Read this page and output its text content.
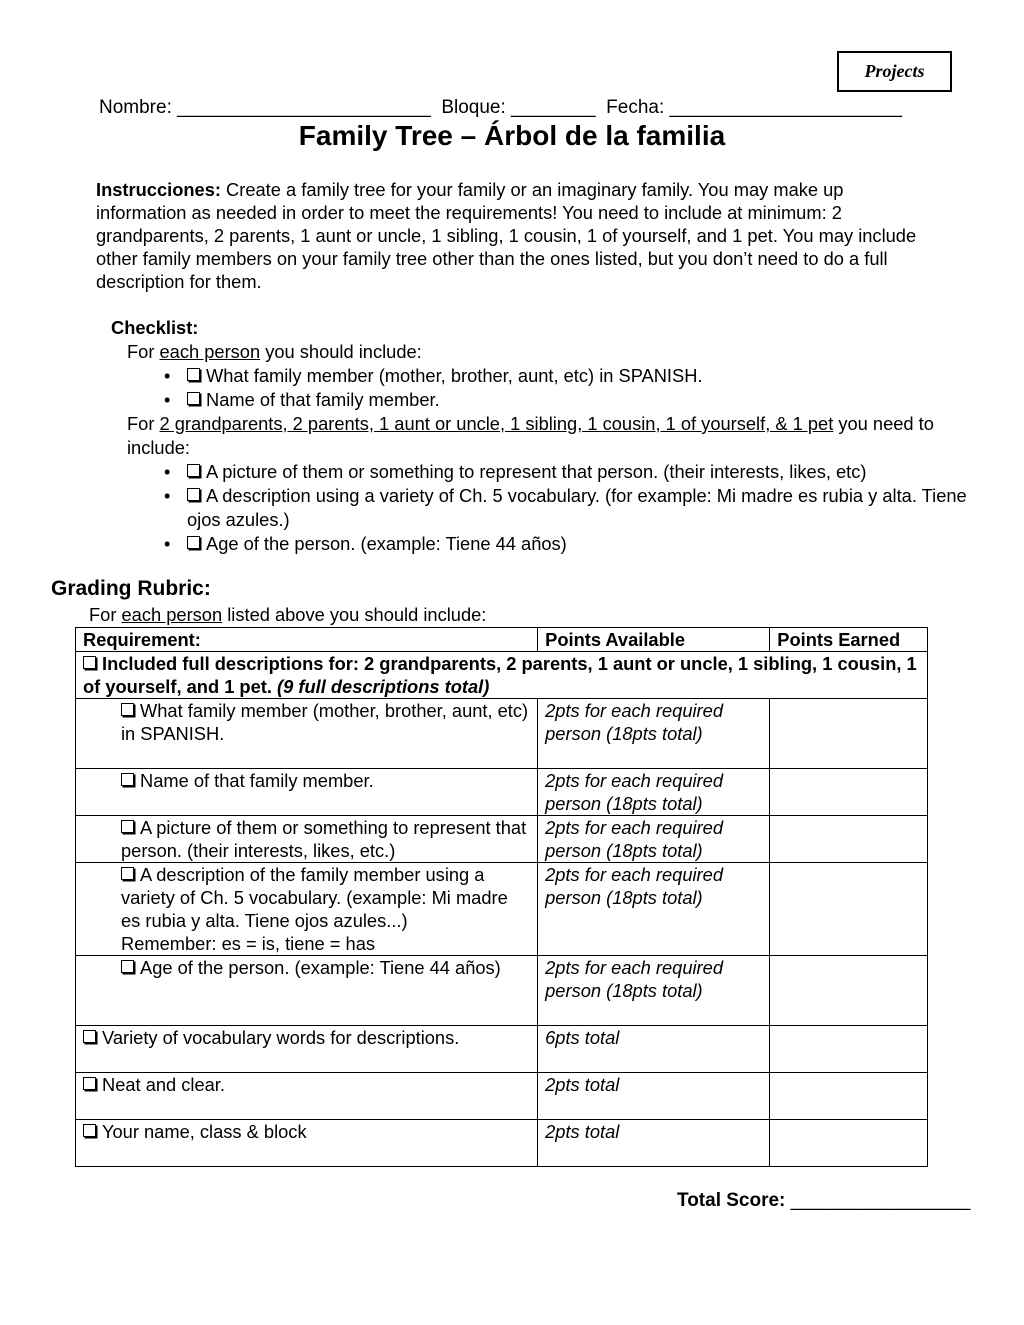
Projects
Nombre: ________________________ Bloque: ________ Fecha: ______________________
Family Tree – Árbol de la familia
Instrucciones: Create a family tree for your family or an imaginary family. You may make up information as needed in order to meet the requirements! You need to include at minimum: 2 grandparents, 2 parents, 1 aunt or uncle, 1 sibling, 1 cousin, 1 of yourself, and 1 pet. You may include other family members on your family tree other than the ones listed, but you don’t need to do a full description for them.
Checklist:
For each person you should include:
• What family member (mother, brother, aunt, etc) in SPANISH.
• Name of that family member.
For 2 grandparents, 2 parents, 1 aunt or uncle, 1 sibling, 1 cousin, 1 of yourself, & 1 pet you need to include:
• A picture of them or something to represent that person. (their interests, likes, etc)
• A description using a variety of Ch. 5 vocabulary. (for example: Mi madre es rubia y alta. Tiene ojos azules.)
• Age of the person. (example: Tiene 44 años)
Grading Rubric:
For each person listed above you should include:
Requirement:	Points Available	Points Earned
Included full descriptions for: 2 grandparents, 2 parents, 1 aunt or uncle, 1 sibling, 1 cousin, 1 of yourself, and 1 pet. (9 full descriptions total)		
What family member (mother, brother, aunt, etc) in SPANISH.	2pts for each required person (18pts total)	
Name of that family member.	2pts for each required person (18pts total)	
A picture of them or something to represent that person. (their interests, likes, etc.)	2pts for each required person (18pts total)	
A description of the family member using a variety of Ch. 5 vocabulary. (example: Mi madre es rubia y alta. Tiene ojos azules...)
Remember: es = is, tiene = has	2pts for each required person (18pts total)	
Age of the person. (example: Tiene 44 años)	2pts for each required person (18pts total)	
Variety of vocabulary words for descriptions.	6pts total	
Neat and clear.	2pts total	
Your name, class & block	2pts total	
Total Score: _________________
